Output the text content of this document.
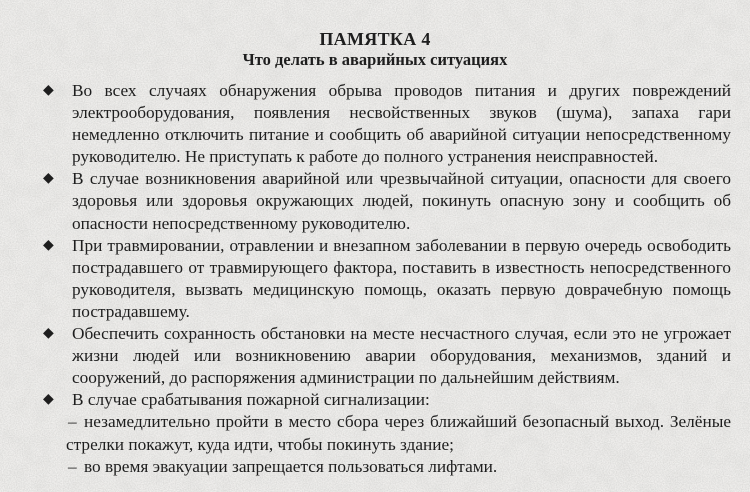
ПАМЯТКА 4
Что делать в аварийных ситуациях
◆ Во всех случаях обнаружения обрыва проводов питания и других повреждений электрооборудования, появления несвойственных звуков (шума), запаха гари немедленно отключить питание и сообщить об аварийной ситуации непосредственному руководителю. Не приступать к работе до полного устранения неисправностей.
◆ В случае возникновения аварийной или чрезвычайной ситуации, опасности для своего здоровья или здоровья окружающих людей, покинуть опасную зону и сообщить об опасности непосредственному руководителю.
◆ При травмировании, отравлении и внезапном заболевании в первую очередь освободить пострадавшего от травмирующего фактора, поставить в известность непосредственного руководителя, вызвать медицинскую помощь, оказать первую доврачебную помощь пострадавшему.
◆ Обеспечить сохранность обстановки на месте несчастного случая, если это не угрожает жизни людей или возникновению аварии оборудования, механизмов, зданий и сооружений, до распоряжения администрации по дальнейшим действиям.
◆ В случае срабатывания пожарной сигнализации:
– незамедлительно пройти в место сбора через ближайший безопасный выход. Зелёные стрелки покажут, куда идти, чтобы покинуть здание;
– во время эвакуации запрещается пользоваться лифтами.
